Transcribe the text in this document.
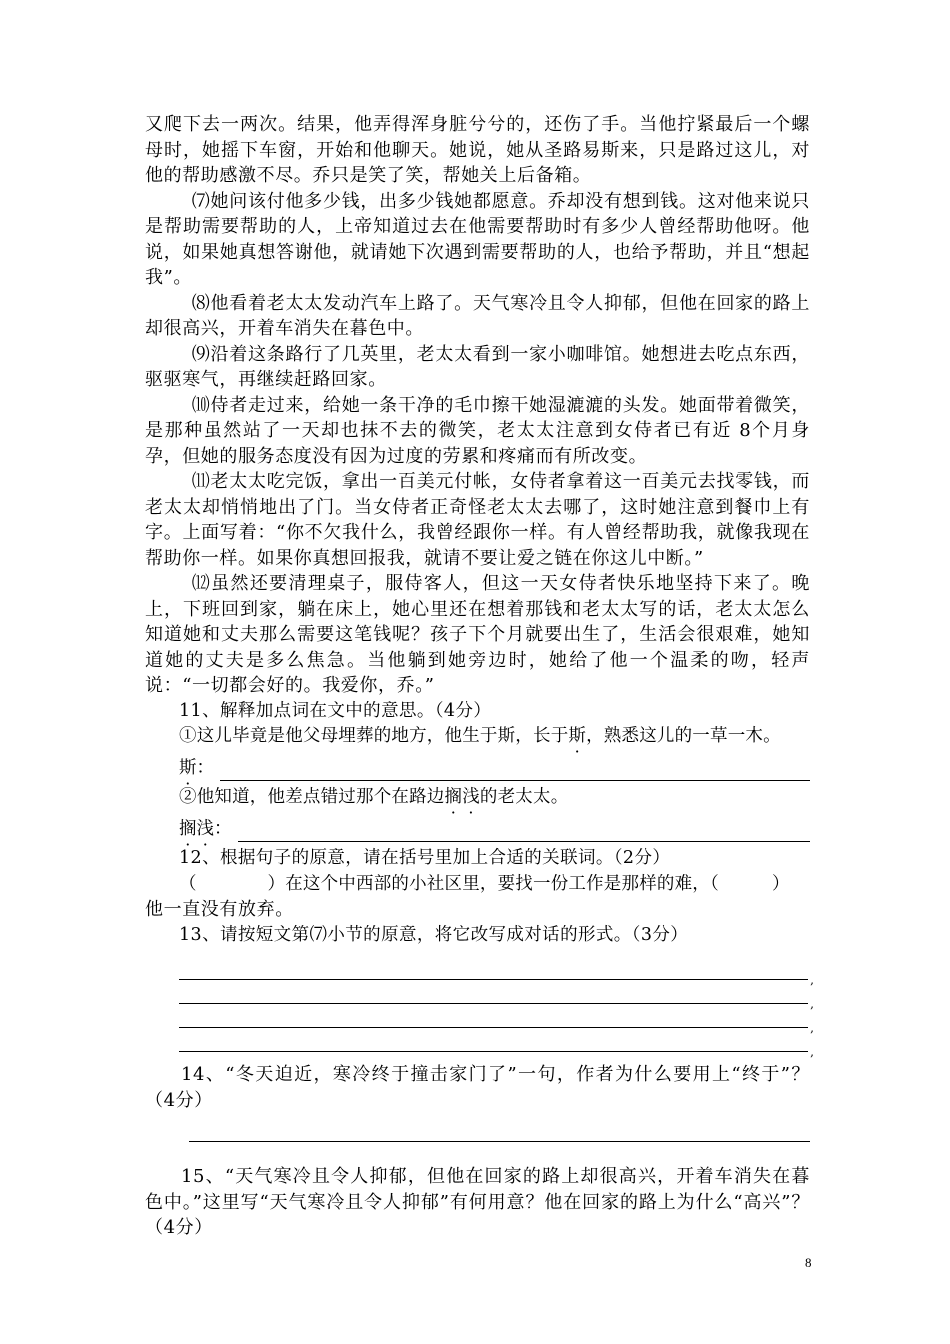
又爬下去一两次。结果，他弄得浑身脏兮兮的，还伤了手。当他拧紧最后一个螺母时，她摇下车窗，开始和他聊天。她说，她从圣路易斯来，只是路过这儿，对他的帮助感激不尽。乔只是笑了笑，帮她关上后备箱。

⑺她问该付他多少钱，出多少钱她都愿意。乔却没有想到钱。这对他来说只是帮助需要帮助的人，上帝知道过去在他需要帮助时有多少人曾经帮助他呀。他说，如果她真想答谢他，就请她下次遇到需要帮助的人，也给予帮助，并且“想起我”。

⑻他看着老太太发动汽车上路了。天气寒冷且令人抑郁，但他在回家的路上却很高兴，开着车消失在暮色中。

⑼沿着这条路行了几英里，老太太看到一家小咖啡馆。她想进去吃点东西，驱驱寒气，再继续赶路回家。

⑽侍者走过来，给她一条干净的毛巾擦干她湿漉漉的头发。她面带着微笑，是那种虽然站了一天却也抹不去的微笑，老太太注意到女侍者已有近 8个月身孕，但她的服务态度没有因为过度的劳累和疼痛而有所改变。

⑾老太太吃完饭，拿出一百美元付帐，女侍者拿着这一百美元去找零钱，而老太太却悄悄地出了门。当女侍者正奇怪老太太去哪了，这时她注意到餐巾上有字。上面写着：“你不欠我什么，我曾经跟你一样。有人曾经帮助我，就像我现在帮助你一样。如果你真想回报我，就请不要让爱之链在你这儿中断。”

⑿虽然还要清理桌子，服侍客人，但这一天女侍者快乐地坚持下来了。晚上，下班回到家，躺在床上，她心里还在想着那钱和老太太写的话，老太太怎么知道她和丈夫那么需要这笔钱呢？孩子下个月就要出生了，生活会很艰难，她知道她的丈夫是多么焦急。当他躺到她旁边时，她给了他一个温柔的吻，轻声说：“一切都会好的。我爱你，乔。”

11、解释加点词在文中的意思。（4分）

①这儿毕竟是他父母埋葬的地方，他生于斯，长于斯，熟悉这儿的一草一木。

斯：

②他知道，他差点错过那个在路边搁浅的老太太。

搁浅：

12、根据句子的原意，请在括号里加上合适的关联词。（2分）

（　　　　）在这个中西部的小社区里，要找一份工作是那样的难，（　　　）

他一直没有放弃。

13、请按短文第⑺小节的原意，将它改写成对话的形式。（3分）

,
,
,
,

14、“冬天迫近，寒冷终于撞击家门了”一句，作者为什么要用上“终于”？（4分）

15、“天气寒冷且令人抑郁，但他在回家的路上却很高兴，开着车消失在暮色中。”这里写“天气寒冷且令人抑郁”有何用意？他在回家的路上为什么“高兴”？（4分）

8
